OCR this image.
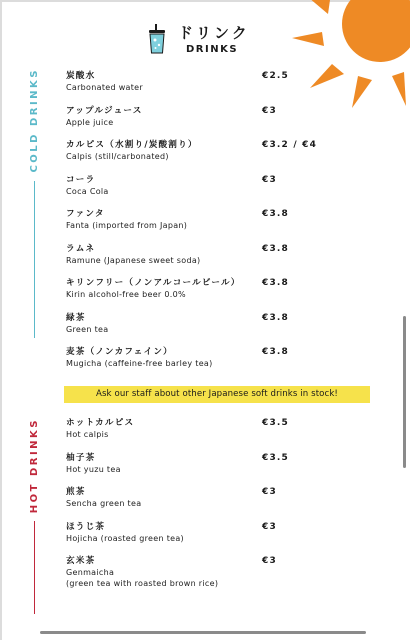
ドリンク
DRINKS
COLD DRINKS	炭酸水
Carbonated water
€2.5
アップルジュース
Apple juice
€3
カルピス（水割り/炭酸割り）
Calpis (still/carbonated)
€3.2 / €4
コーラ
Coca Cola
€3
ファンタ
Fanta (imported from Japan)
€3.8
ラムネ
Ramune (Japanese sweet soda)
€3.8
キリンフリー（ノンアルコールビール）
Kirin alcohol-free beer 0.0%
€3.8
緑茶
Green tea
€3.8
麦茶（ノンカフェイン）
Mugicha (caffeine-free barley tea)
€3.8
Ask our staff about other Japanese soft drinks in stock!
HOT DRINKS	ホットカルピス
Hot calpis
€3.5
柚子茶
Hot yuzu tea
€3.5
煎茶
Sencha green tea
€3
ほうじ茶
Hojicha (roasted green tea)
€3
玄米茶
Genmaicha
(green tea with roasted brown rice)
€3
